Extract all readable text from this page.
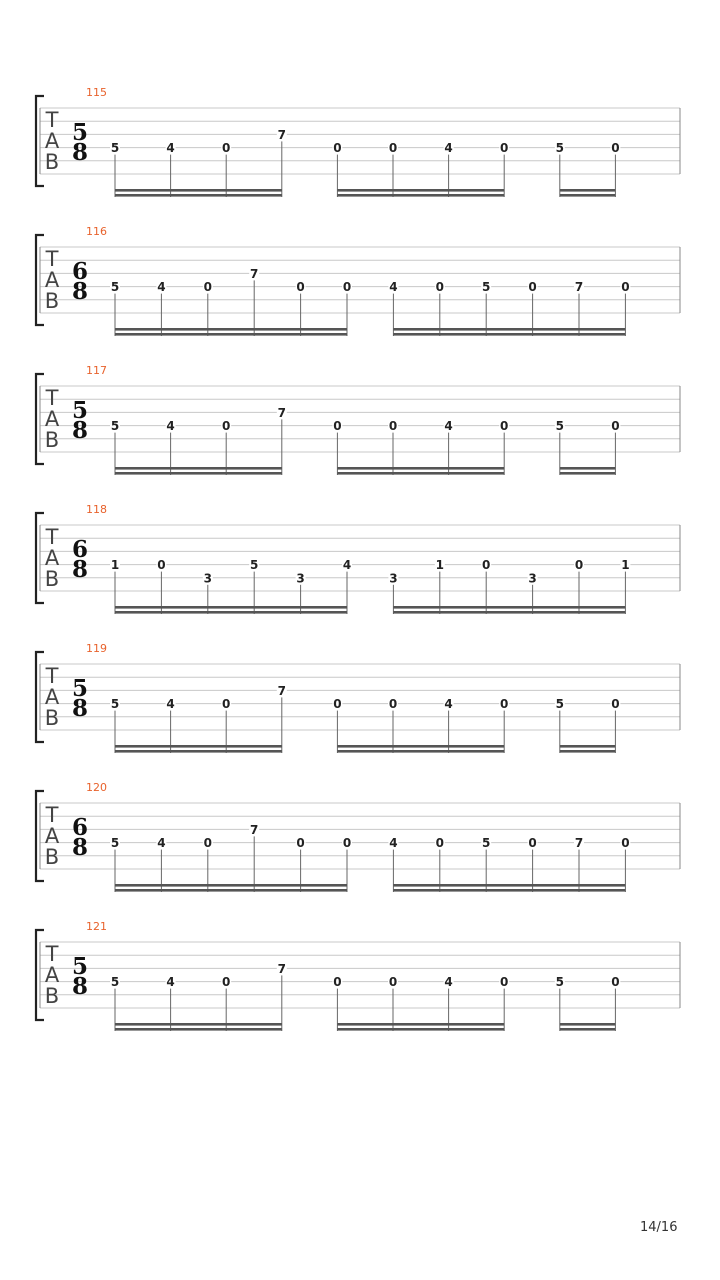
115
T
A
B
5
8 5	4	0
7
0	0	4	0	5	0
116
T
A
B
6
8 5	4	0
7
0	0	4	0	5	0	7	0
117
T
A
B
5
8 5	4	0
7
0	0	4	0	5	0
118
T
A
B
6
8 1	0
3
5
3
4
3
1	0
3
0	1
119
T
A
B
5
8 5	4	0
7
0	0	4	0	5	0
120
T
A
B
6
8 5	4	0
7
0	0	4	0	5	0	7	0
121
T
A
B
5
8 5	4	0
7
0	0	4	0	5	0
14/16
